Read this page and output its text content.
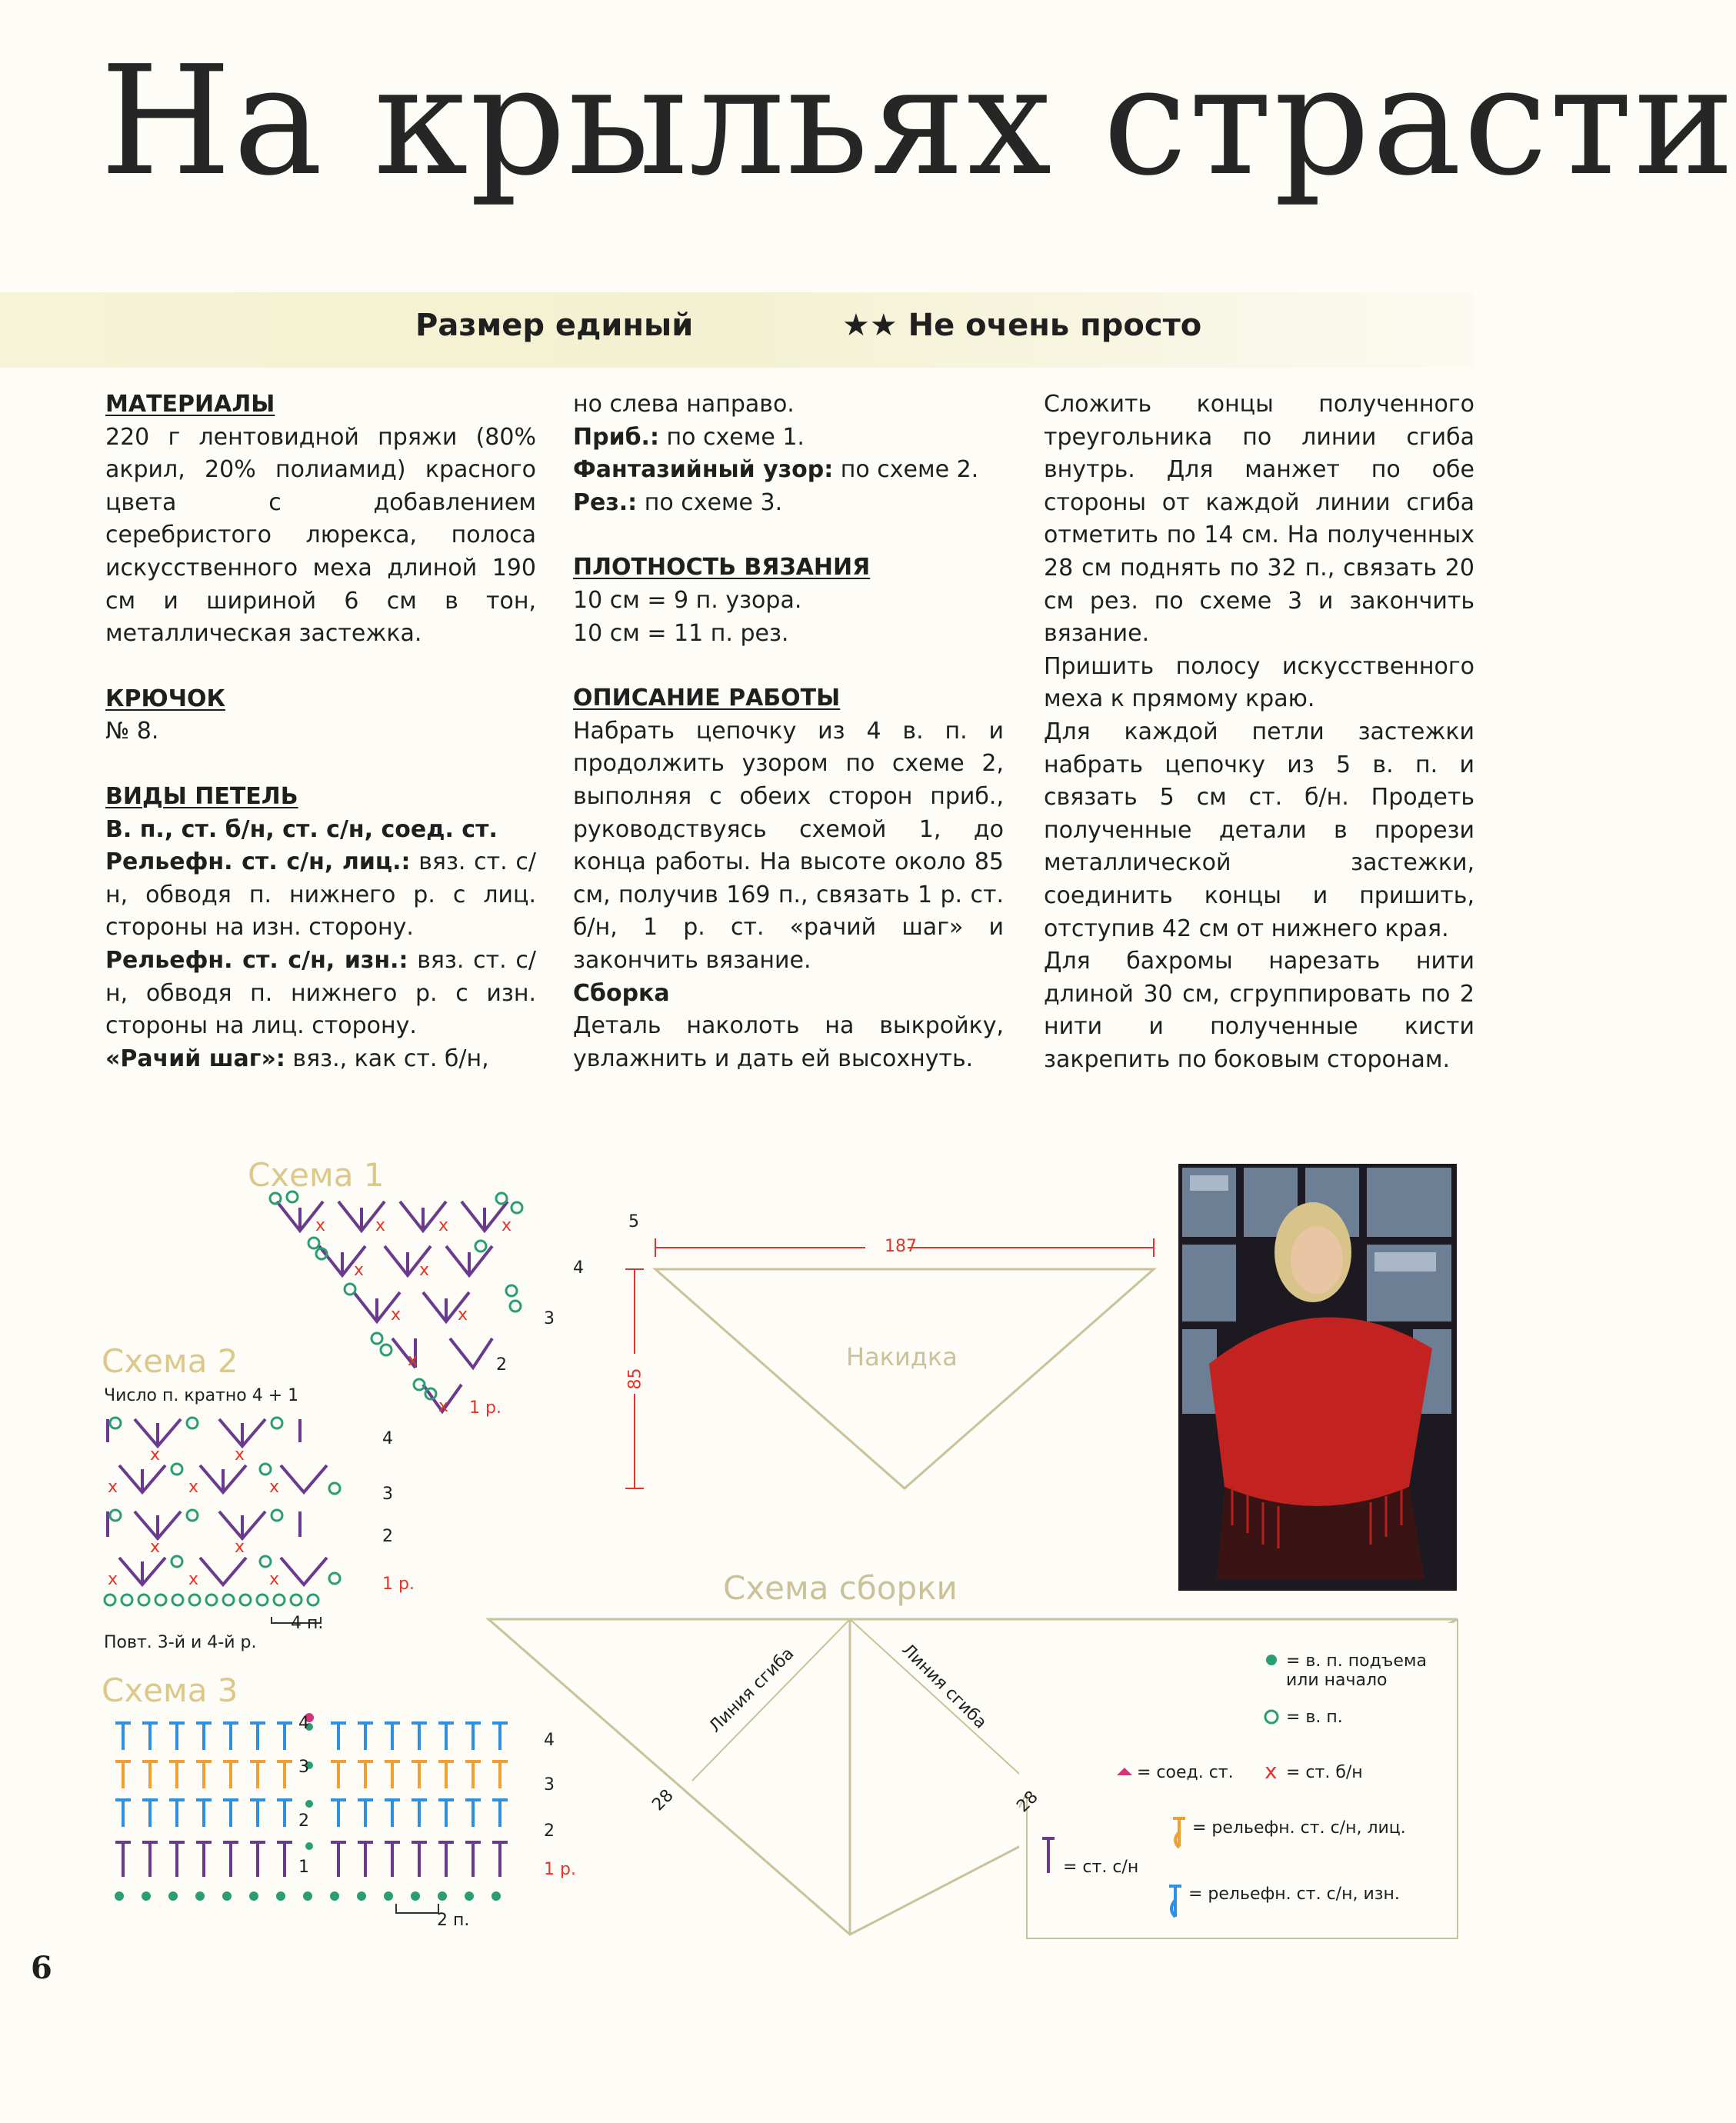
На крыльях страсти
Размер единый	★★ Не очень просто

МАТЕРИАЛЫ

220 г лентовидной пряжи (80% акрил, 20% полиамид) красного цвета с добавлением серебристого люрекса, полоса искусственного меха длиной 190 см и шириной 6 см в тон, металлическая застежка.

КРЮЧОК

№ 8.

ВИДЫ ПЕТЕЛЬ

В. п., ст. б/н, ст. с/н, соед. ст.

Рельефн. ст. с/н, лиц.: вяз. ст. с/н, обводя п. нижнего р. с лиц. стороны на изн. сторону.

Рельефн. ст. с/н, изн.: вяз. ст. с/н, обводя п. нижнего р. с изн. стороны на лиц. сторону.

«Рачий шаг»: вяз., как ст. б/н,

но слева направо.

Приб.: по схеме 1.

Фантазийный узор: по схеме 2.

Рез.: по схеме 3.

ПЛОТНОСТЬ ВЯЗАНИЯ

10 см = 9 п. узора.

10 см = 11 п. рез.

ОПИСАНИЕ РАБОТЫ

Набрать цепочку из 4 в. п. и продолжить узором по схеме 2, выполняя с обеих сторон приб., руководствуясь схемой 1, до конца работы. На высоте около 85 см, получив 169 п., связать 1 р. ст. б/н, 1 р. ст. «рачий шаг» и закончить вязание.

Сборка

Деталь наколоть на выкройку, увлажнить и дать ей высохнуть.

Сложить концы полученного треугольника по линии сгиба внутрь. Для манжет по обе стороны от каждой линии сгиба отметить по 14 см. На полученных 28 см поднять по 32 п., связать 20 см рез. по схеме 3 и закончить вязание.

Пришить полосу искусственного меха к прямому краю.

Для каждой петли застежки набрать цепочку из 5 в. п. и связать 5 см ст. б/н. Продеть полученные детали в прорези металлической застежки, соединить концы и пришить, отступив 42 см от нижнего края.

Для бахромы нарезать нити длиной 30 см, сгруппировать по 2 нити и полученные кисти закрепить по боковым сторонам.

Схема 1
x	x	x	x
x	x
x	x
x
x
5
4
3
2
1 р.
Схема 2
Число п. кратно 4 + 1
x	x
x	x	x
x	x
x	x	x
4
3
2
1 р.
4 п.
Повт. 3-й и 4-й р.
Схема 3
4
3
2
1
4
3
2
1 р.
2 п.
187
85
Накидка
Схема сборки
x
Линия сгиба	Линия сгиба
28	28
= в. п. подъема или начало
= в. п.
= соед. ст.	= ст. б/н
= ст. с/н
= рельефн. ст. с/н, лиц.
= рельефн. ст. с/н, изн.
6
